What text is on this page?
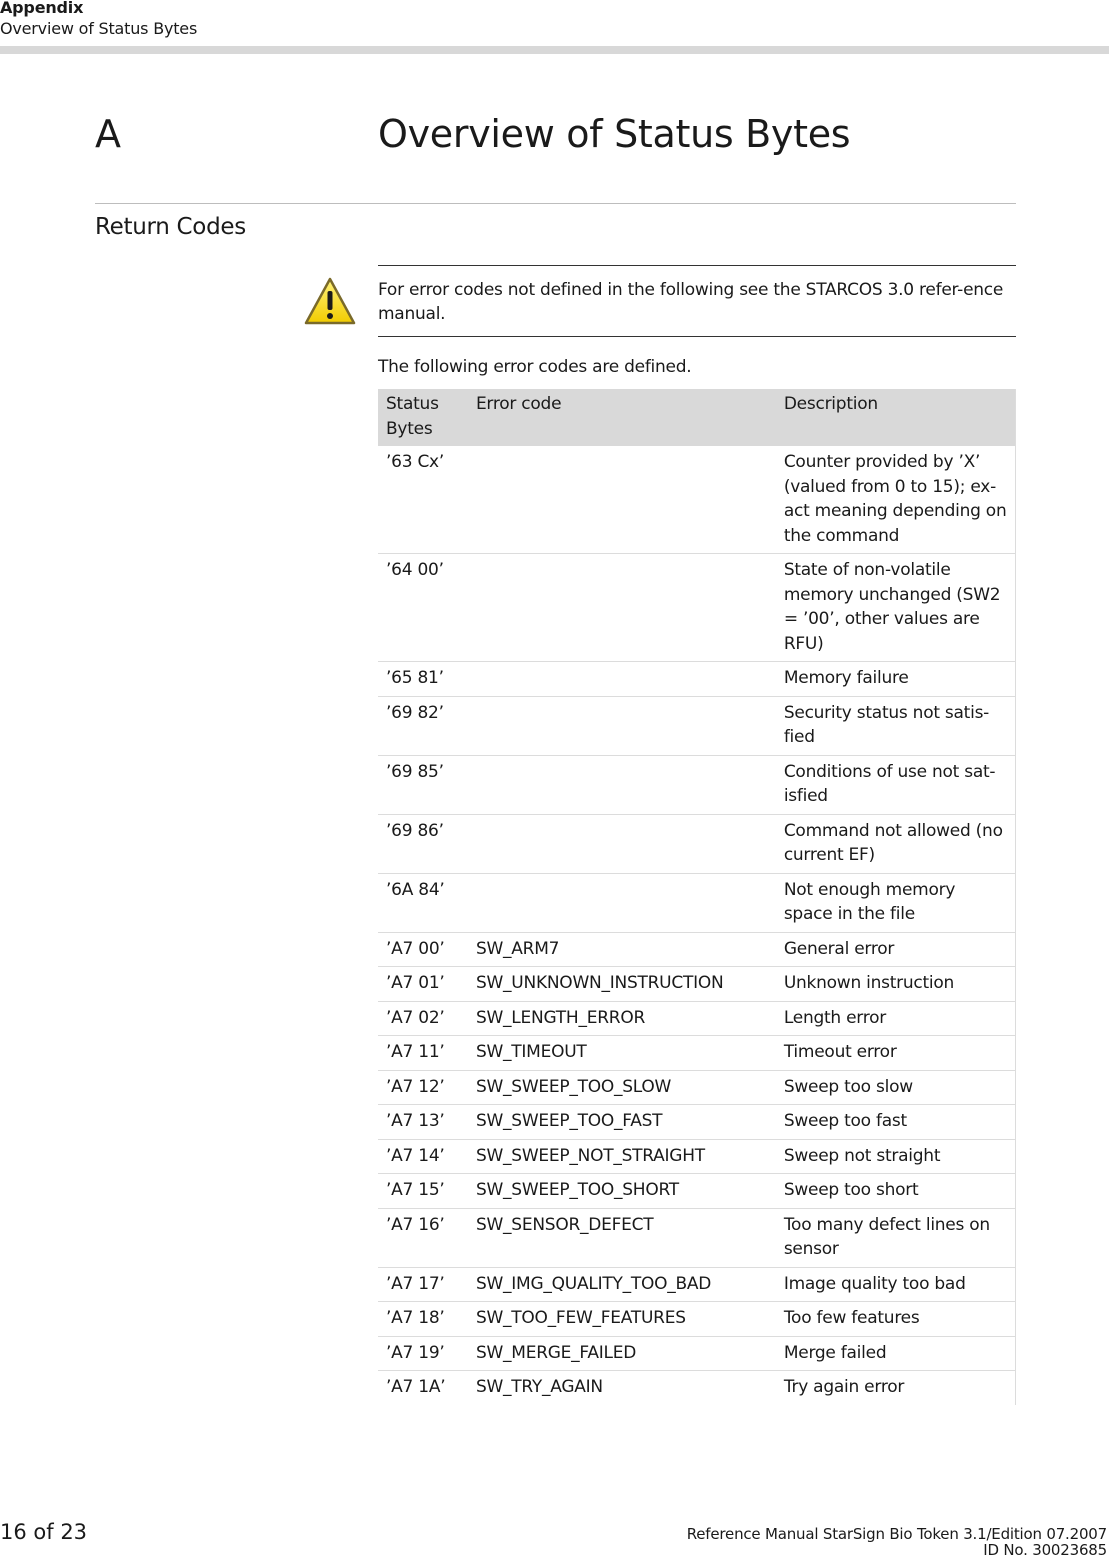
Appendix
Overview of Status Bytes
A	Overview of Status Bytes
Return Codes
For error codes not defined in the following see the STARCOS 3.0 refer-ence manual.
The following error codes are defined.
Status Bytes	Error code	Description
’63 Cx’		Counter provided by ’X’ (valued from 0 to 15); ex-act meaning depending on the command
’64 00’		State of non-volatile memory unchanged (SW2 = ’00’, other values are RFU)
’65 81’		Memory failure
’69 82’		Security status not satis-fied
’69 85’		Conditions of use not sat-isfied
’69 86’		Command not allowed (no current EF)
’6A 84’		Not enough memory space in the file
’A7 00’	SW_ARM7	General error
’A7 01’	SW_UNKNOWN_INSTRUCTION	Unknown instruction
’A7 02’	SW_LENGTH_ERROR	Length error
’A7 11’	SW_TIMEOUT	Timeout error
’A7 12’	SW_SWEEP_TOO_SLOW	Sweep too slow
’A7 13’	SW_SWEEP_TOO_FAST	Sweep too fast
’A7 14’	SW_SWEEP_NOT_STRAIGHT	Sweep not straight
’A7 15’	SW_SWEEP_TOO_SHORT	Sweep too short
’A7 16’	SW_SENSOR_DEFECT	Too many defect lines on sensor
’A7 17’	SW_IMG_QUALITY_TOO_BAD	Image quality too bad
’A7 18’	SW_TOO_FEW_FEATURES	Too few features
’A7 19’	SW_MERGE_FAILED	Merge failed
’A7 1A’	SW_TRY_AGAIN	Try again error
16 of 23	Reference Manual StarSign Bio Token 3.1/Edition 07.2007
ID No. 30023685
